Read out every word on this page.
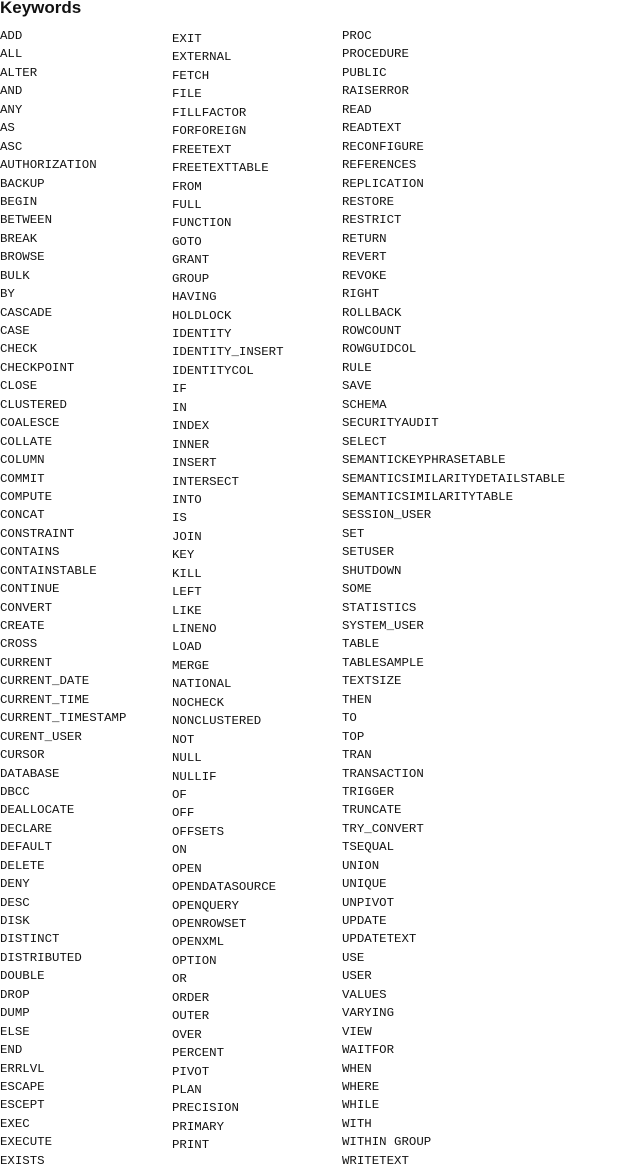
Keywords
ADD
ALL
ALTER
AND
ANY
AS
ASC
AUTHORIZATION
BACKUP
BEGIN
BETWEEN
BREAK
BROWSE
BULK
BY
CASCADE
CASE
CHECK
CHECKPOINT
CLOSE
CLUSTERED
COALESCE
COLLATE
COLUMN
COMMIT
COMPUTE
CONCAT
CONSTRAINT
CONTAINS
CONTAINSTABLE
CONTINUE
CONVERT
CREATE
CROSS
CURRENT
CURRENT_DATE
CURRENT_TIME
CURRENT_TIMESTAMP
CURENT_USER
CURSOR
DATABASE
DBCC
DEALLOCATE
DECLARE
DEFAULT
DELETE
DENY
DESC
DISK
DISTINCT
DISTRIBUTED
DOUBLE
DROP
DUMP
ELSE
END
ERRLVL
ESCAPE
ESCEPT
EXEC
EXECUTE
EXISTS
EXIT
EXTERNAL
FETCH
FILE
FILLFACTOR
FORFOREIGN
FREETEXT
FREETEXTTABLE
FROM
FULL
FUNCTION
GOTO
GRANT
GROUP
HAVING
HOLDLOCK
IDENTITY
IDENTITY_INSERT
IDENTITYCOL
IF
IN
INDEX
INNER
INSERT
INTERSECT
INTO
IS
JOIN
KEY
KILL
LEFT
LIKE
LINENO
LOAD
MERGE
NATIONAL
NOCHECK
NONCLUSTERED
NOT
NULL
NULLIF
OF
OFF
OFFSETS
ON
OPEN
OPENDATASOURCE
OPENQUERY
OPENROWSET
OPENXML
OPTION
OR
ORDER
OUTER
OVER
PERCENT
PIVOT
PLAN
PRECISION
PRIMARY
PRINT
PROC
PROCEDURE
PUBLIC
RAISERROR
READ
READTEXT
RECONFIGURE
REFERENCES
REPLICATION
RESTORE
RESTRICT
RETURN
REVERT
REVOKE
RIGHT
ROLLBACK
ROWCOUNT
ROWGUIDCOL
RULE
SAVE
SCHEMA
SECURITYAUDIT
SELECT
SEMANTICKEYPHRASETABLE
SEMANTICSIMILARITYDETAILSTABLE
SEMANTICSIMILARITYTABLE
SESSION_USER
SET
SETUSER
SHUTDOWN
SOME
STATISTICS
SYSTEM_USER
TABLE
TABLESAMPLE
TEXTSIZE
THEN
TO
TOP
TRAN
TRANSACTION
TRIGGER
TRUNCATE
TRY_CONVERT
TSEQUAL
UNION
UNIQUE
UNPIVOT
UPDATE
UPDATETEXT
USE
USER
VALUES
VARYING
VIEW
WAITFOR
WHEN
WHERE
WHILE
WITH
WITHIN GROUP
WRITETEXT
